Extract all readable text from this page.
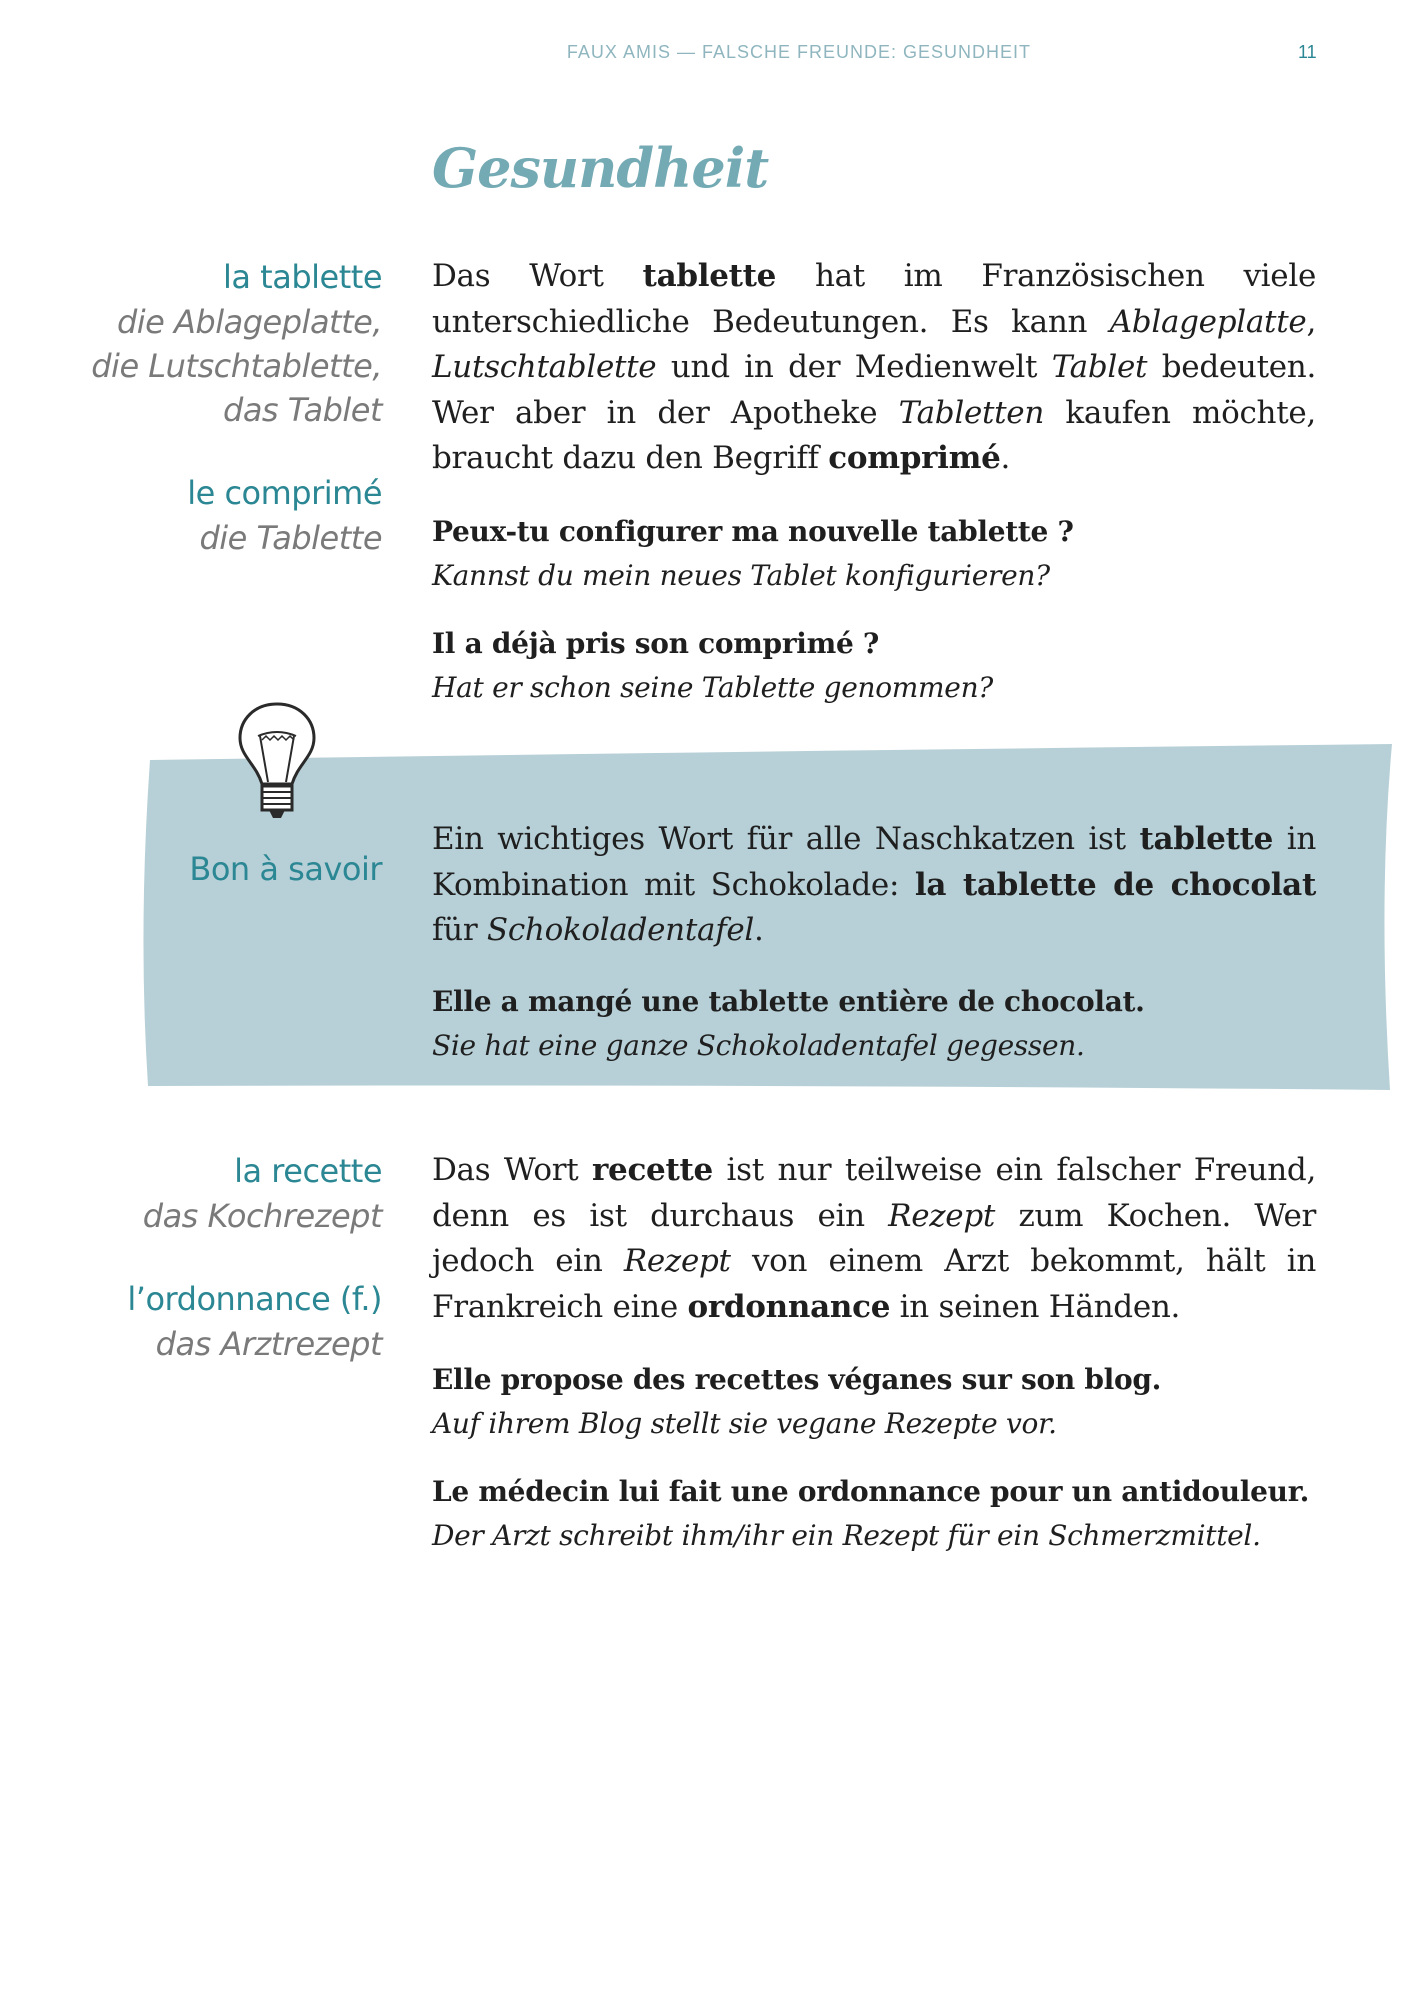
FAUX AMIS — FALSCHE FREUNDE: GESUNDHEIT	11
Gesundheit
la tablette
die Ablageplatte,
die Lutschtablette,
das Tablet
le comprimé
die Tablette

Das Wort tablette hat im Französischen viele unterschiedliche Bedeutungen. Es kann Ablageplatte, Lutschtablette und in der Medienwelt Tablet bedeuten. Wer aber in der Apotheke Tabletten kaufen möchte, braucht dazu den Begriff comprimé.

Peux-tu configurer ma nouvelle tablette ?
Kannst du mein neues Tablet konfigurieren?
Il a déjà pris son comprimé ?
Hat er schon seine Tablette genommen?
Bon à savoir

Ein wichtiges Wort für alle Naschkatzen ist tablette in Kombination mit Schokolade: la tablette de chocolat für Schokoladentafel.

Elle a mangé une tablette entière de chocolat.
Sie hat eine ganze Schokoladentafel gegessen.
la recette
das Kochrezept
l’ordonnance (f.)
das Arztrezept

Das Wort recette ist nur teilweise ein falscher Freund, denn es ist durchaus ein Rezept zum Kochen. Wer jedoch ein Rezept von einem Arzt bekommt, hält in Frankreich eine ordonnance in seinen Händen.

Elle propose des recettes véganes sur son blog.
Auf ihrem Blog stellt sie vegane Rezepte vor.
Le médecin lui fait une ordonnance pour un antidouleur.
Der Arzt schreibt ihm/ihr ein Rezept für ein Schmerzmittel.
